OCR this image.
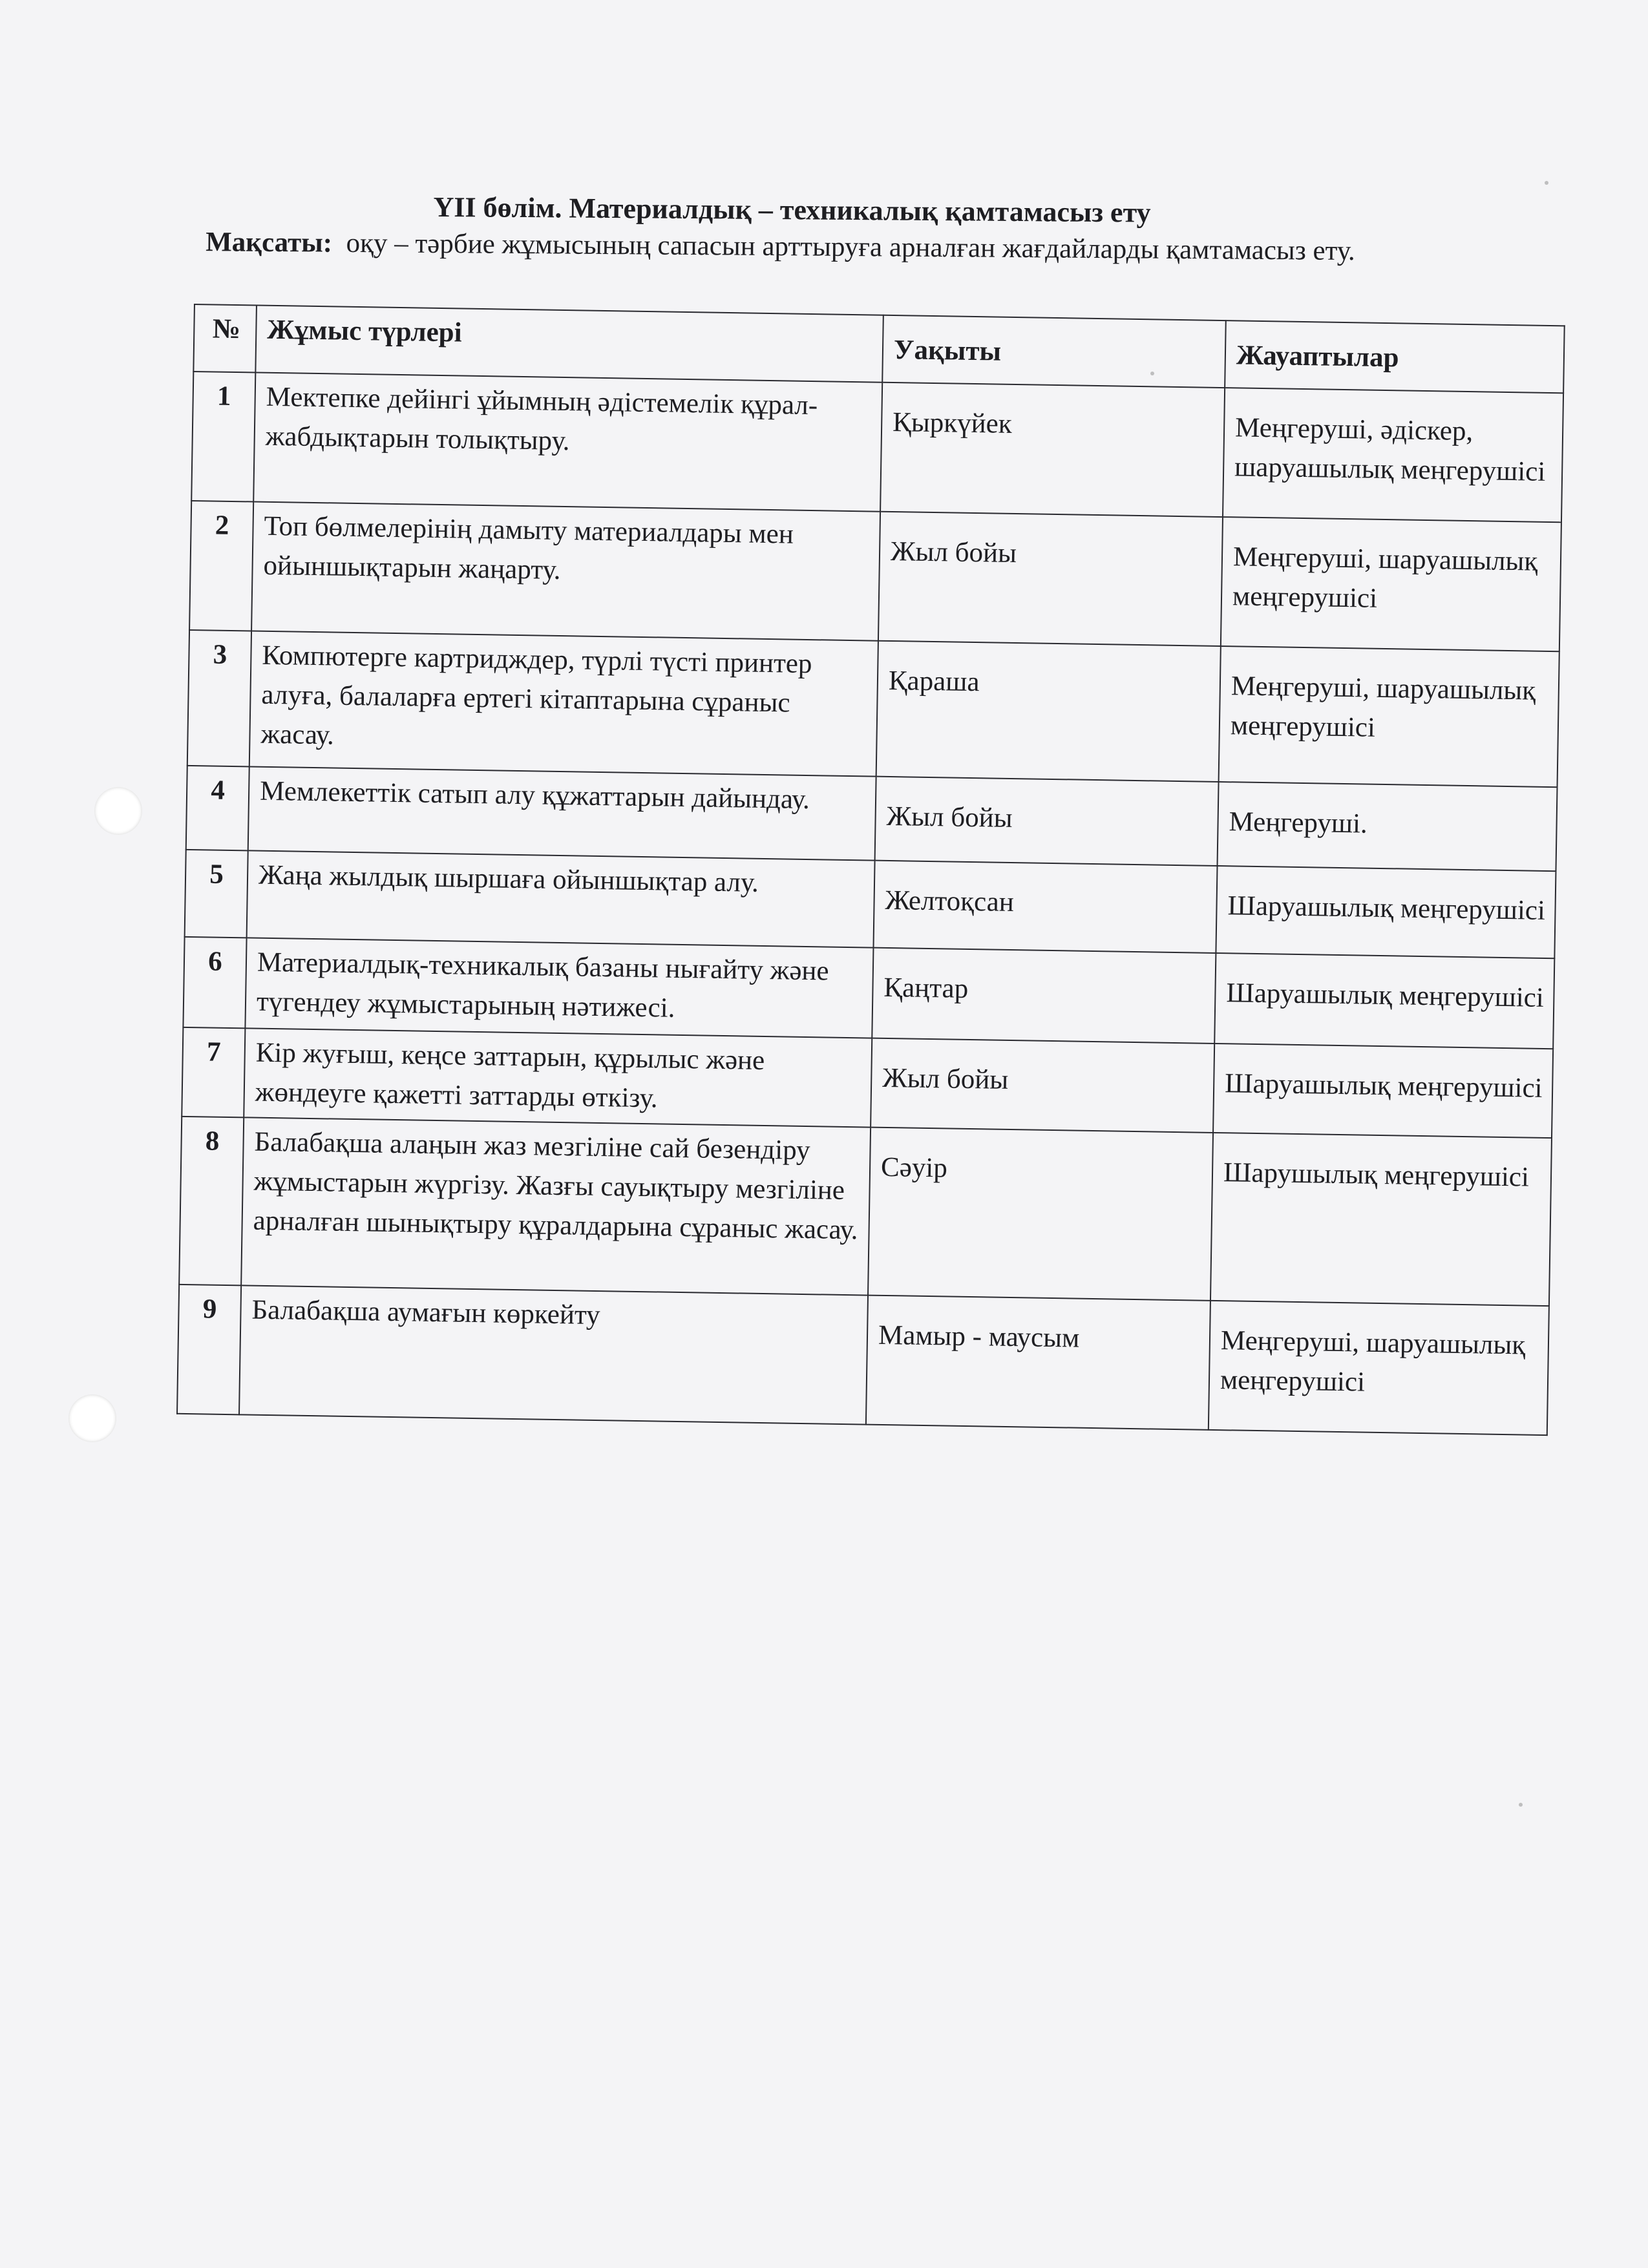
YII бөлім. Материалдық – техникалық қамтамасыз ету
Мақсаты: оқу – тәрбие жұмысының сапасын арттыруға арналған жағдайларды қамтамасыз ету.
№	Жұмыс түрлері	Уақыты	Жауаптылар
1	Мектепке дейінгі ұйымның әдістемелік құрал-жабдықтарын толықтыру.	Қыркүйек	Меңгеруші, әдіскер, шаруашылық меңгерушісі
2	Топ бөлмелерінің дамыту материалдары мен ойыншықтарын жаңарту.	Жыл бойы	Меңгеруші, шаруашылық меңгерушісі
3	Компютерге картридждер, түрлі түсті принтер алуға, балаларға ертегі кітаптарына сұраныс жасау.	Қараша	Меңгеруші, шаруашылық меңгерушісі
4	Мемлекеттік сатып алу құжаттарын дайындау.	Жыл бойы	Меңгеруші.
5	Жаңа жылдық шыршаға ойыншықтар алу.	Желтоқсан	Шаруашылық меңгерушісі
6	Материалдық-техникалық базаны нығайту және түгендеу жұмыстарының нәтижесі.	Қаңтар	Шаруашылық меңгерушісі
7	Кір жуғыш, кеңсе заттарын, құрылыс және жөндеуге қажетті заттарды өткізу.	Жыл бойы	Шаруашылық меңгерушісі
8	Балабақша алаңын жаз мезгіліне сай безендіру жұмыстарын жүргізу. Жазғы сауықтыру мезгіліне арналған шынықтыру құралдарына сұраныс жасау.	Сәуір	Шарушылық меңгерушісі
9	Балабақша аумағын көркейту	Мамыр - маусым	Меңгеруші, шаруашылық меңгерушісі
